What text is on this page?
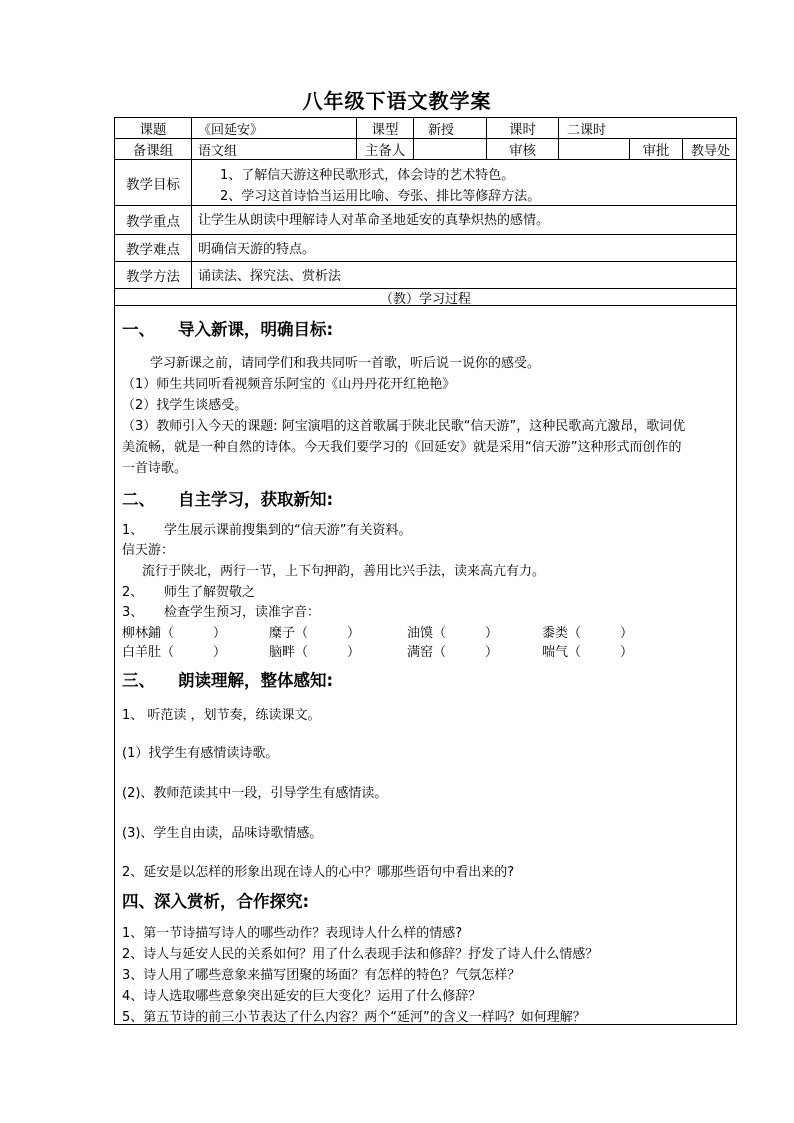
八年级下语文教学案
课题	《回延安》	课型	新授	课时	二课时
备课组	语文组	主备人	审核	审批	教导处
教学目标
1、了解信天游这种民歌形式，体会诗的艺术特色。
2、学习这首诗恰当运用比喻、夸张、排比等修辞方法。
教学重点	让学生从朗读中理解诗人对革命圣地延安的真挚炽热的感情。
教学难点	明确信天游的特点。
教学方法	诵读法、探究法、赏析法
（教）学习过程
一、 导入新课，明确目标:
学习新课之前，请同学们和我共同听一首歌，听后说一说你的感受。
（1）师生共同听看视频音乐阿宝的《山丹丹花开红艳艳》
（2）找学生谈感受。
（3）教师引入今天的课题: 阿宝演唱的这首歌属于陕北民歌“信天游”，这种民歌高亢激昂，歌词优
美流畅，就是一种自然的诗体。今天我们要学习的《回延安》就是采用“信天游”这种形式而创作的
一首诗歌。
二、 自主学习，获取新知:
1、 学生展示课前搜集到的“信天游”有关资料。
信天游：
流行于陕北，两行一节，上下句押韵，善用比兴手法，读来高亢有力。
2、 师生了解贺敬之
3、 检查学生预习，读准字音：
柳林鋪（　　　）	糜子（　　　）	油馍（　　　）	黍类（　　　）
白羊肚（　　　）	脑畔（　　　）	满窑（　　　）	喘气（　　　）
三、 朗读理解，整体感知:
1、 听范读 ，划节奏，练读课文。
(1）找学生有感情读诗歌。
(2)、教师范读其中一段，引导学生有感情读。
(3)、学生自由读，品味诗歌情感。
2、延安是以怎样的形象出现在诗人的心中？哪那些语句中看出来的?
四、深入赏析，合作探究:
1、第一节诗描写诗人的哪些动作？表现诗人什么样的情感?
2、诗人与延安人民的关系如何？用了什么表现手法和修辞？抒发了诗人什么情感？
3、诗人用了哪些意象来描写团聚的场面？有怎样的特色？气氛怎样？
4、诗人选取哪些意象突出延安的巨大变化？运用了什么修辞？
5、第五节诗的前三小节表达了什么内容？两个“延河”的含义一样吗？如何理解？
